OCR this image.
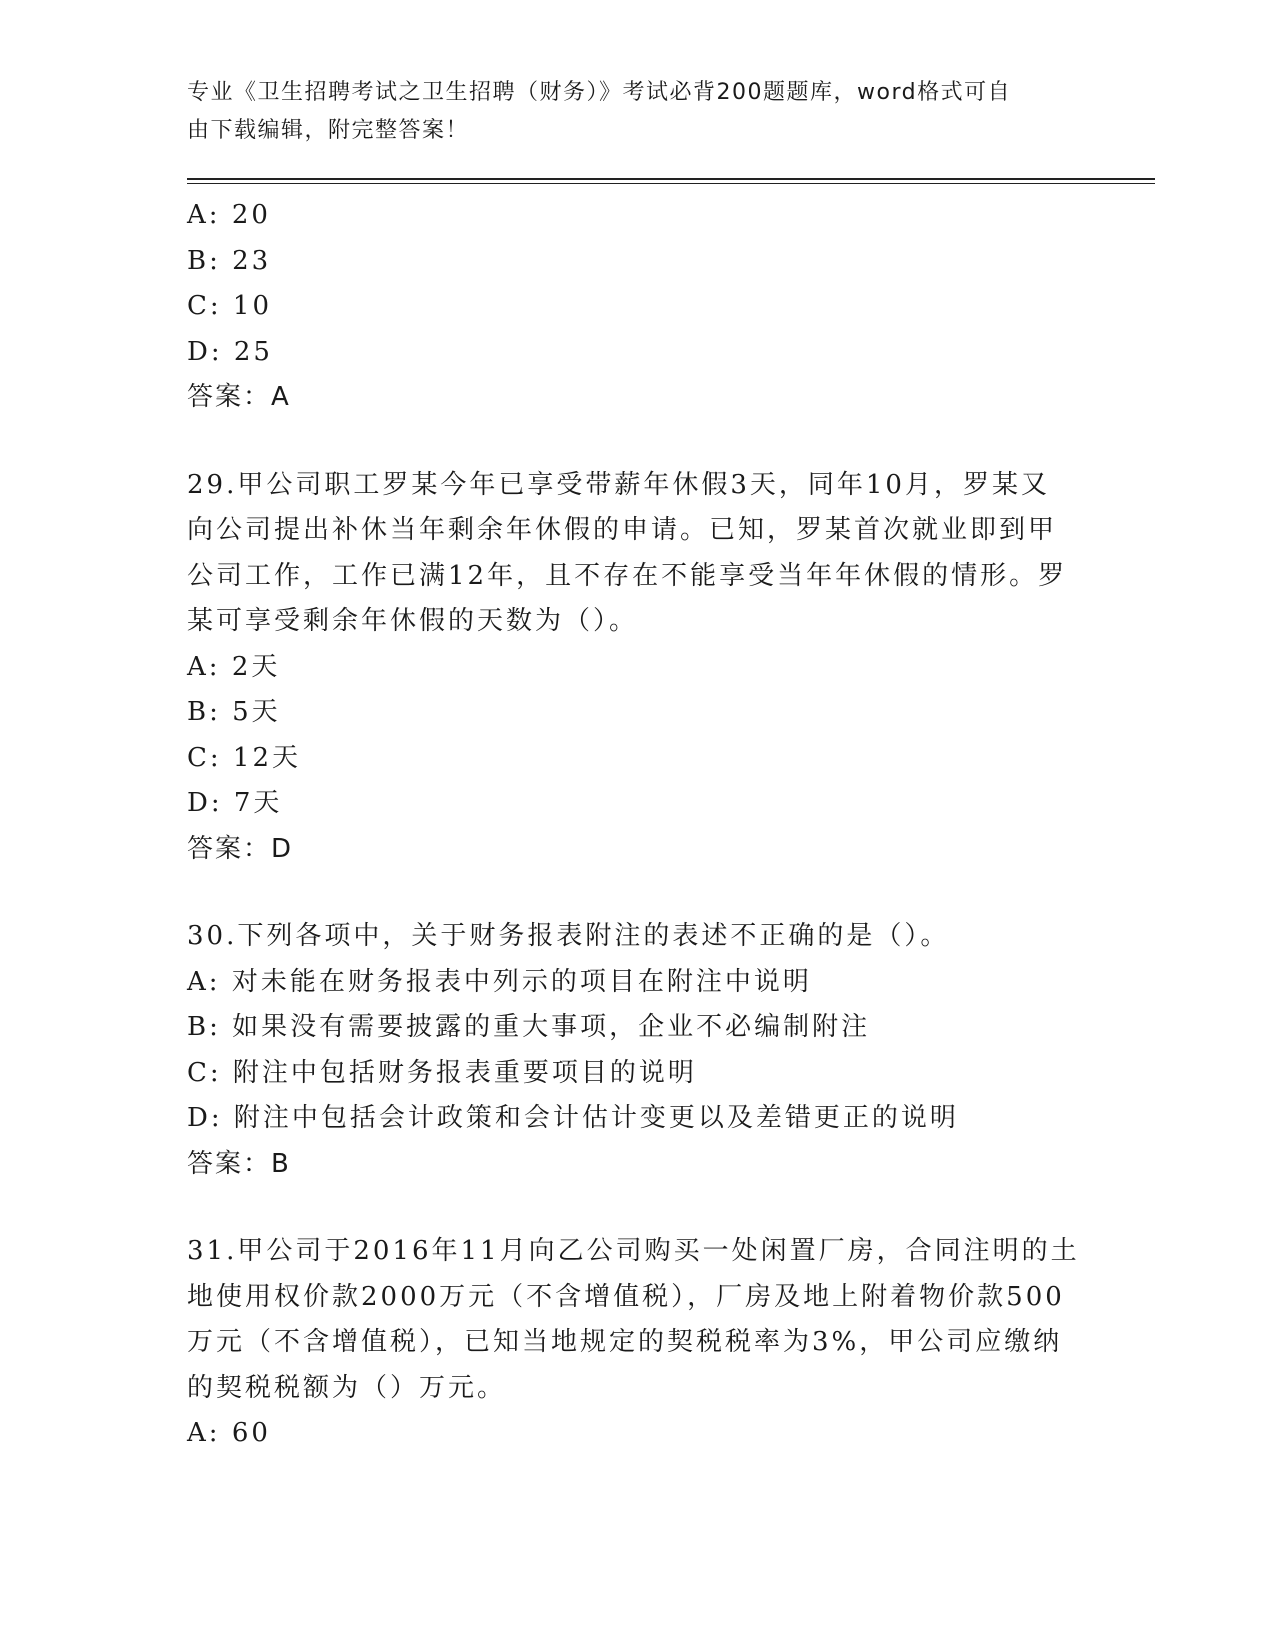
专业《卫生招聘考试之卫生招聘（财务）》考试必背200题题库，word格式可自
由下载编辑，附完整答案！
A: 20
B: 23
C: 10
D: 25
答案：A
29.甲公司职工罗某今年已享受带薪年休假3天，同年10月，罗某又
向公司提出补休当年剩余年休假的申请。已知，罗某首次就业即到甲
公司工作，工作已满12年，且不存在不能享受当年年休假的情形。罗
某可享受剩余年休假的天数为（）。
A: 2天
B: 5天
C: 12天
D: 7天
答案：D
30.下列各项中，关于财务报表附注的表述不正确的是（）。
A: 对未能在财务报表中列示的项目在附注中说明
B: 如果没有需要披露的重大事项，企业不必编制附注
C: 附注中包括财务报表重要项目的说明
D: 附注中包括会计政策和会计估计变更以及差错更正的说明
答案：B
31.甲公司于2016年11月向乙公司购买一处闲置厂房，合同注明的土
地使用权价款2000万元（不含增值税），厂房及地上附着物价款500
万元（不含增值税），已知当地规定的契税税率为3%，甲公司应缴纳
的契税税额为（）万元。
A: 60
